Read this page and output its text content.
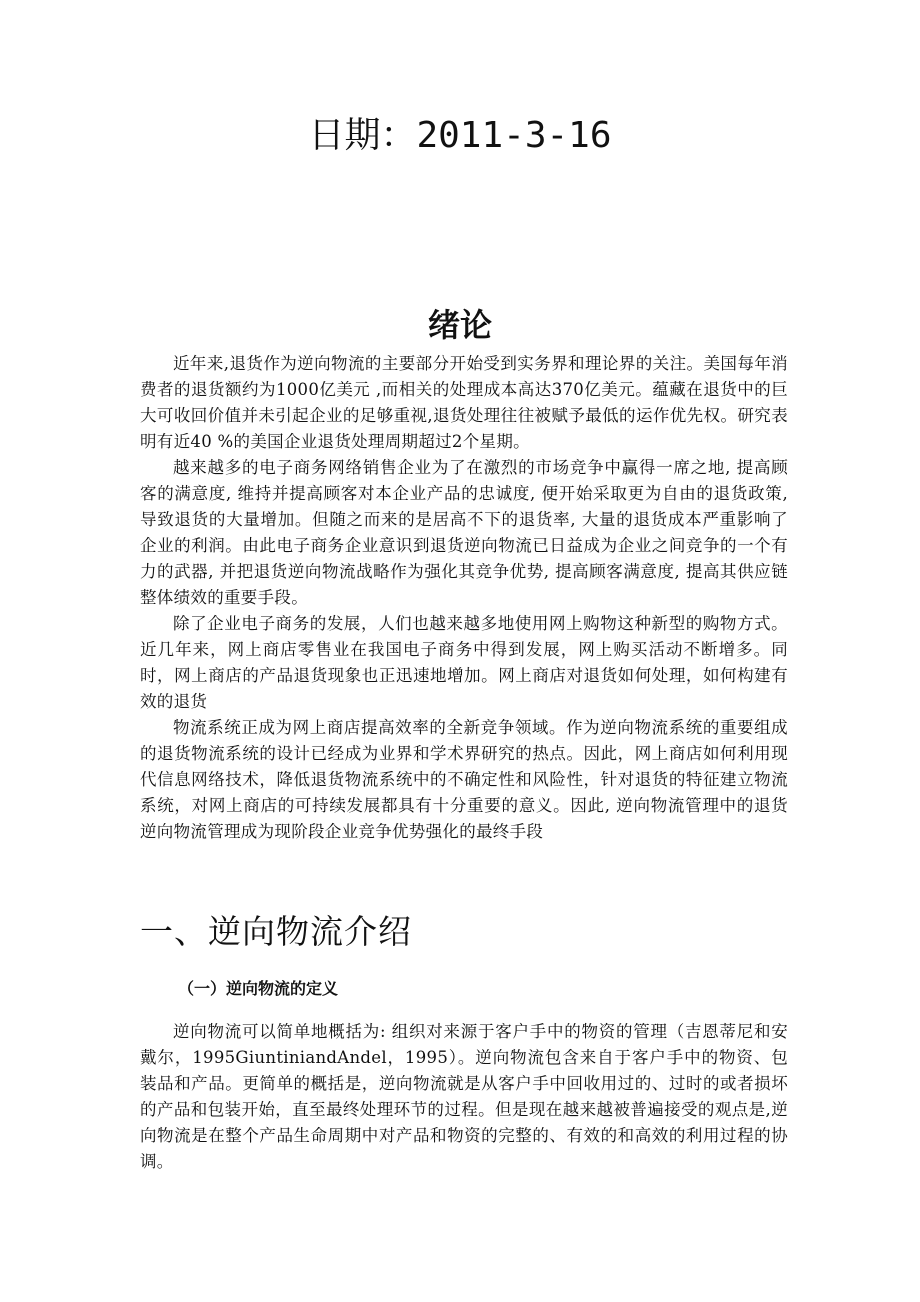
日期：2011-3-16
绪论

近年来,退货作为逆向物流的主要部分开始受到实务界和理论界的关注。美国每年消费者的退货额约为1000亿美元 ,而相关的处理成本高达370亿美元。蕴藏在退货中的巨大可收回价值并未引起企业的足够重视,退货处理往往被赋予最低的运作优先权。研究表明有近40 %的美国企业退货处理周期超过2个星期。

越来越多的电子商务网络销售企业为了在激烈的市场竞争中赢得一席之地, 提高顾客的满意度, 维持并提高顾客对本企业产品的忠诚度, 便开始采取更为自由的退货政策, 导致退货的大量增加。但随之而来的是居高不下的退货率, 大量的退货成本严重影响了企业的利润。由此电子商务企业意识到退货逆向物流已日益成为企业之间竞争的一个有力的武器, 并把退货逆向物流战略作为强化其竞争优势, 提高顾客满意度, 提高其供应链整体绩效的重要手段。

除了企业电子商务的发展，人们也越来越多地使用网上购物这种新型的购物方式。近几年来，网上商店零售业在我国电子商务中得到发展，网上购买活动不断增多。同时，网上商店的产品退货现象也正迅速地增加。网上商店对退货如何处理，如何构建有效的退货

物流系统正成为网上商店提高效率的全新竞争领域。作为逆向物流系统的重要组成的退货物流系统的设计已经成为业界和学术界研究的热点。因此，网上商店如何利用现代信息网络技术，降低退货物流系统中的不确定性和风险性，针对退货的特征建立物流系统，对网上商店的可持续发展都具有十分重要的意义。因此, 逆向物流管理中的退货逆向物流管理成为现阶段企业竞争优势强化的最终手段

一、逆向物流介绍
（一）逆向物流的定义

逆向物流可以简单地概括为: 组织对来源于客户手中的物资的管理（吉恩蒂尼和安戴尔，1995GiuntiniandAndel，1995）。逆向物流包含来自于客户手中的物资、包装品和产品。更简单的概括是，逆向物流就是从客户手中回收用过的、过时的或者损坏的产品和包装开始，直至最终处理环节的过程。但是现在越来越被普遍接受的观点是,逆向物流是在整个产品生命周期中对产品和物资的完整的、有效的和高效的利用过程的协调。
